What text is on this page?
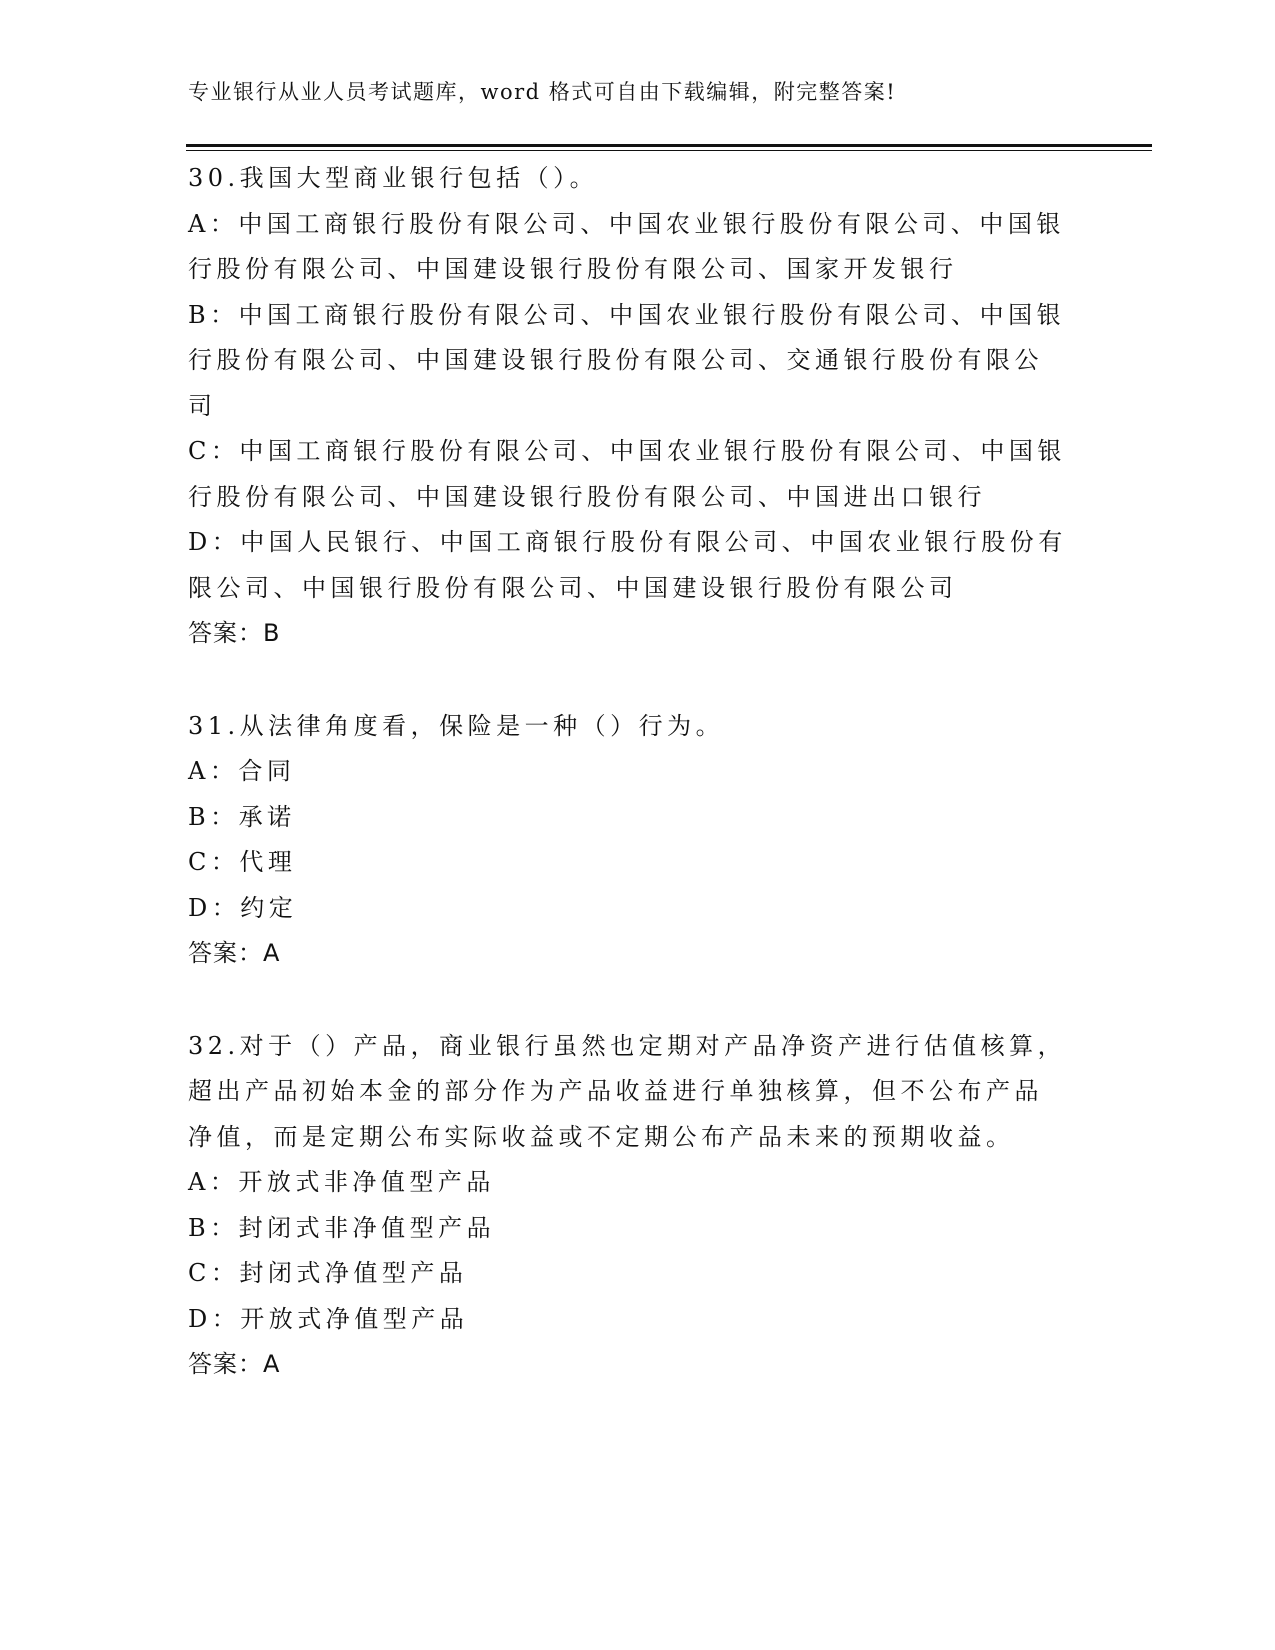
专业银行从业人员考试题库，word 格式可自由下载编辑，附完整答案!
30.我国大型商业银行包括（）。
A：中国工商银行股份有限公司、中国农业银行股份有限公司、中国银行股份有限公司、中国建设银行股份有限公司、国家开发银行
B：中国工商银行股份有限公司、中国农业银行股份有限公司、中国银行股份有限公司、中国建设银行股份有限公司、交通银行股份有限公司
C：中国工商银行股份有限公司、中国农业银行股份有限公司、中国银行股份有限公司、中国建设银行股份有限公司、中国进出口银行
D：中国人民银行、中国工商银行股份有限公司、中国农业银行股份有限公司、中国银行股份有限公司、中国建设银行股份有限公司
答案：B
31.从法律角度看，保险是一种（）行为。
A：合同
B：承诺
C：代理
D：约定
答案：A
32.对于（）产品，商业银行虽然也定期对产品净资产进行估值核算，超出产品初始本金的部分作为产品收益进行单独核算，但不公布产品净值，而是定期公布实际收益或不定期公布产品未来的预期收益。
A：开放式非净值型产品
B：封闭式非净值型产品
C：封闭式净值型产品
D：开放式净值型产品
答案：A
